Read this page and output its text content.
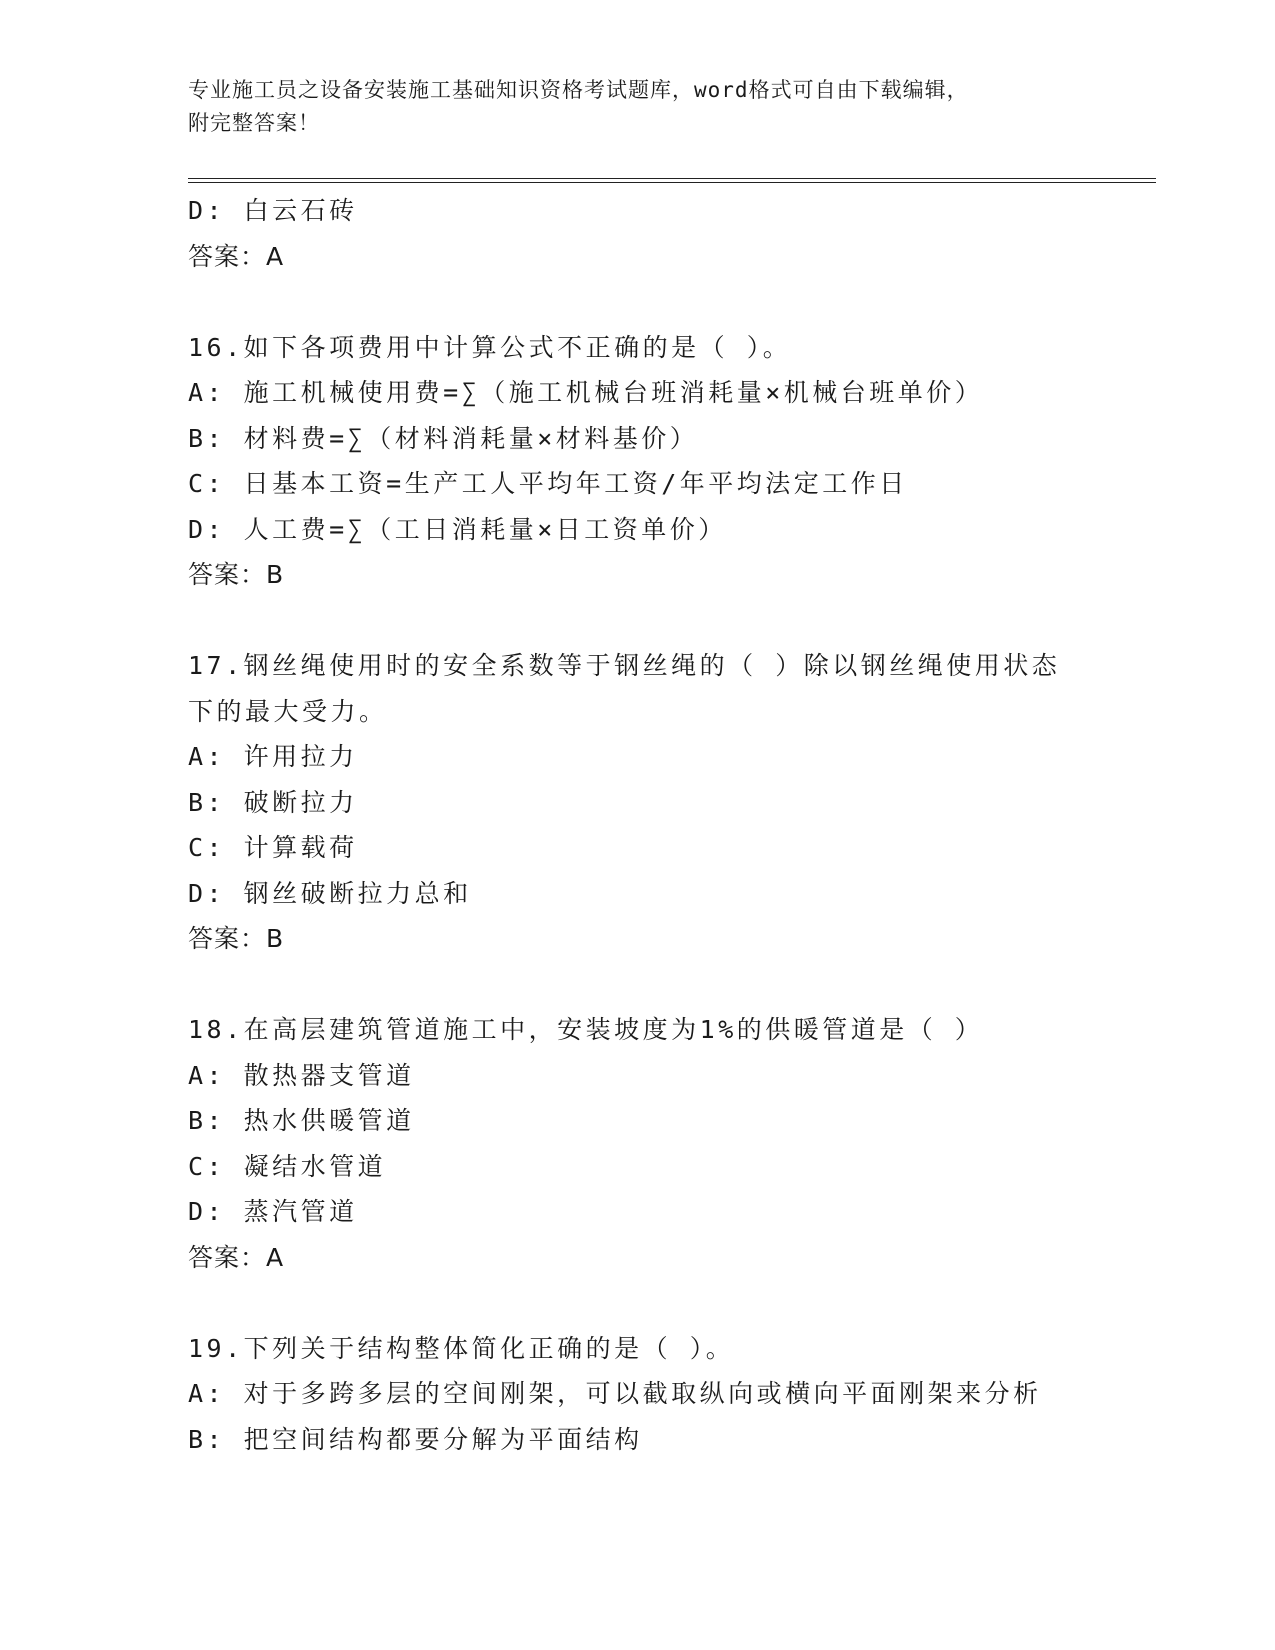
专业施工员之设备安装施工基础知识资格考试题库，word格式可自由下载编辑，
附完整答案！
D: 白云石砖
答案：A
16.如下各项费用中计算公式不正确的是（ ）。
A: 施工机械使用费=∑（施工机械台班消耗量×机械台班单价）
B: 材料费=∑（材料消耗量×材料基价）
C: 日基本工资=生产工人平均年工资/年平均法定工作日
D: 人工费=∑（工日消耗量×日工资单价）
答案：B
17.钢丝绳使用时的安全系数等于钢丝绳的（ ）除以钢丝绳使用状态
下的最大受力。
A: 许用拉力
B: 破断拉力
C: 计算载荷
D: 钢丝破断拉力总和
答案：B
18.在高层建筑管道施工中，安装坡度为1%的供暖管道是（ ）
A: 散热器支管道
B: 热水供暖管道
C: 凝结水管道
D: 蒸汽管道
答案：A
19.下列关于结构整体简化正确的是（ ）。
A: 对于多跨多层的空间刚架，可以截取纵向或横向平面刚架来分析
B: 把空间结构都要分解为平面结构
